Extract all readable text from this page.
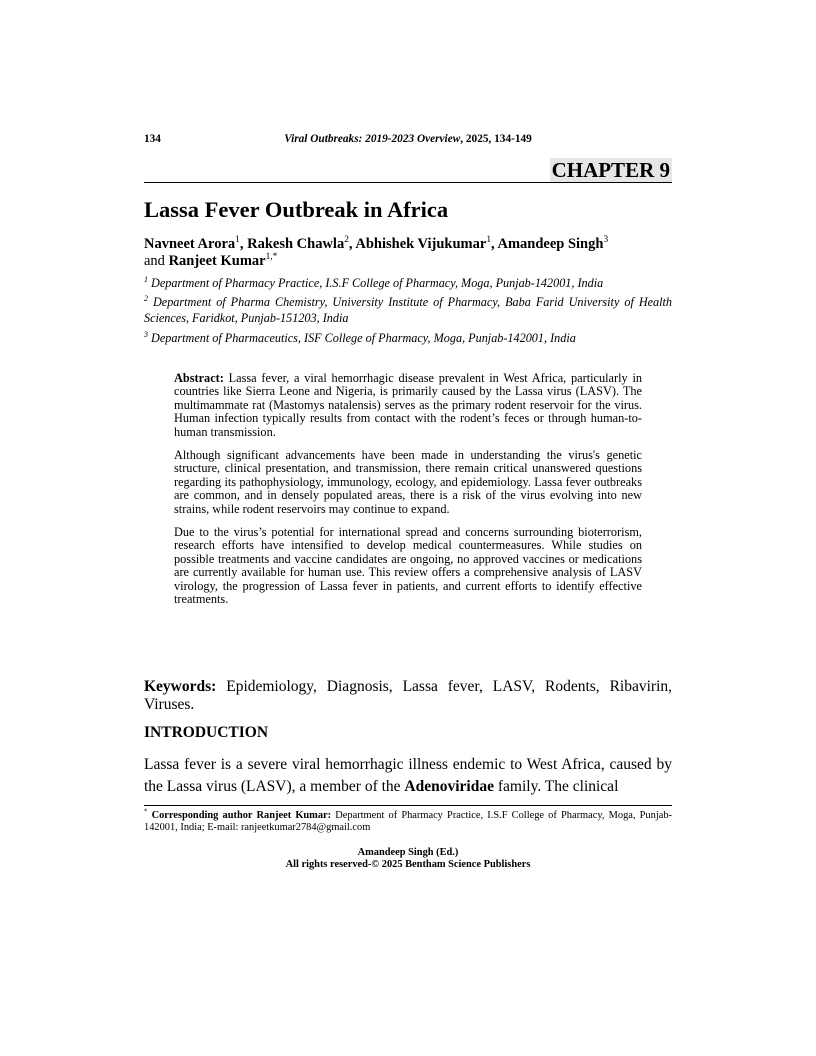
134	Viral Outbreaks: 2019-2023 Overview, 2025, 134-149
CHAPTER 9
Lassa Fever Outbreak in Africa
Navneet Arora$^1$, Rakesh Chawla$^2$, Abhishek Vijukumar$^1$, Amandeep Singh$^3$
and Ranjeet Kumar$^{1,*}$
$^1$ Department of Pharmacy Practice, I.S.F College of Pharmacy, Moga, Punjab-142001, India
$^2$ Department of Pharma Chemistry, University Institute of Pharmacy, Baba Farid University of Health Sciences, Faridkot, Punjab-151203, India
$^3$ Department of Pharmaceutics, ISF College of Pharmacy, Moga, Punjab-142001, India

Abstract: Lassa fever, a viral hemorrhagic disease prevalent in West Africa, particularly in countries like Sierra Leone and Nigeria, is primarily caused by the Lassa virus (LASV). The multimammate rat (Mastomys natalensis) serves as the primary rodent reservoir for the virus. Human infection typically results from contact with the rodent’s feces or through human-to-human transmission.

Although significant advancements have been made in understanding the virus's genetic structure, clinical presentation, and transmission, there remain critical unanswered questions regarding its pathophysiology, immunology, ecology, and epidemiology. Lassa fever outbreaks are common, and in densely populated areas, there is a risk of the virus evolving into new strains, while rodent reservoirs may continue to expand.

Due to the virus’s potential for international spread and concerns surrounding bioterrorism, research efforts have intensified to develop medical countermeasures. While studies on possible treatments and vaccine candidates are ongoing, no approved vaccines or medications are currently available for human use. This review offers a comprehensive analysis of LASV virology, the progression of Lassa fever in patients, and current efforts to identify effective treatments.

Keywords: Epidemiology, Diagnosis, Lassa fever, LASV, Rodents, Ribavirin, Viruses.
INTRODUCTION
Lassa fever is a severe viral hemorrhagic illness endemic to West Africa, caused by the Lassa virus (LASV), a member of the Adenoviridae family. The clinical
* Corresponding author Ranjeet Kumar: Department of Pharmacy Practice, I.S.F College of Pharmacy, Moga, Punjab-142001, India; E-mail: ranjeetkumar2784@gmail.com
Amandeep Singh (Ed.)
All rights reserved-© 2025 Bentham Science Publishers
